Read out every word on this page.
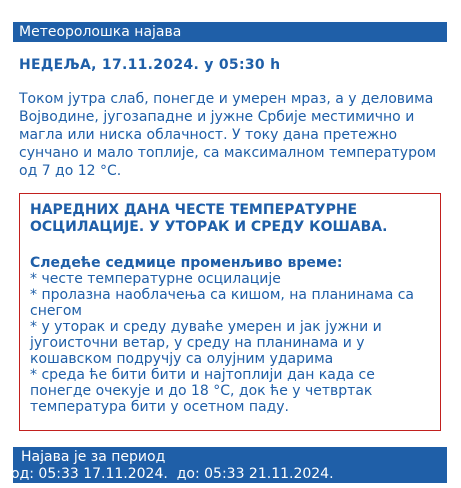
Метеоролошка најава
НЕДЕЉА, 17.11.2024. у 05:30 h
Током јутра слаб, понегде и умерен мраз, а у деловима Војводине, југозападне и јужне Србије местимично и магла или ниска облачност. У току дана претежно сунчано и мало топлије, са максималном температуром од 7 до 12 °C.
НАРЕДНИХ ДАНА ЧЕСТЕ ТЕМПЕРАТУРНЕ ОСЦИЛАЦИЈЕ. У УТОРАК И СРЕДУ КОШАВА.
Следеће седмице променљиво време:
* честе температурне осцилације
* пролазна наоблачења са кишом, на планинама са снегом
* у уторак и среду дуваће умерен и јак јужни и југоисточни ветар, у среду на планинама и у кошавском подручју са олујним ударима
* среда ће бити бити и најтоплији дан када се понегде очекује и до 18 °C, док ће у четвртак температура бити у осетном паду.
Најава је за период
од: 05:33 17.11.2024.  до: 05:33 21.11.2024.
